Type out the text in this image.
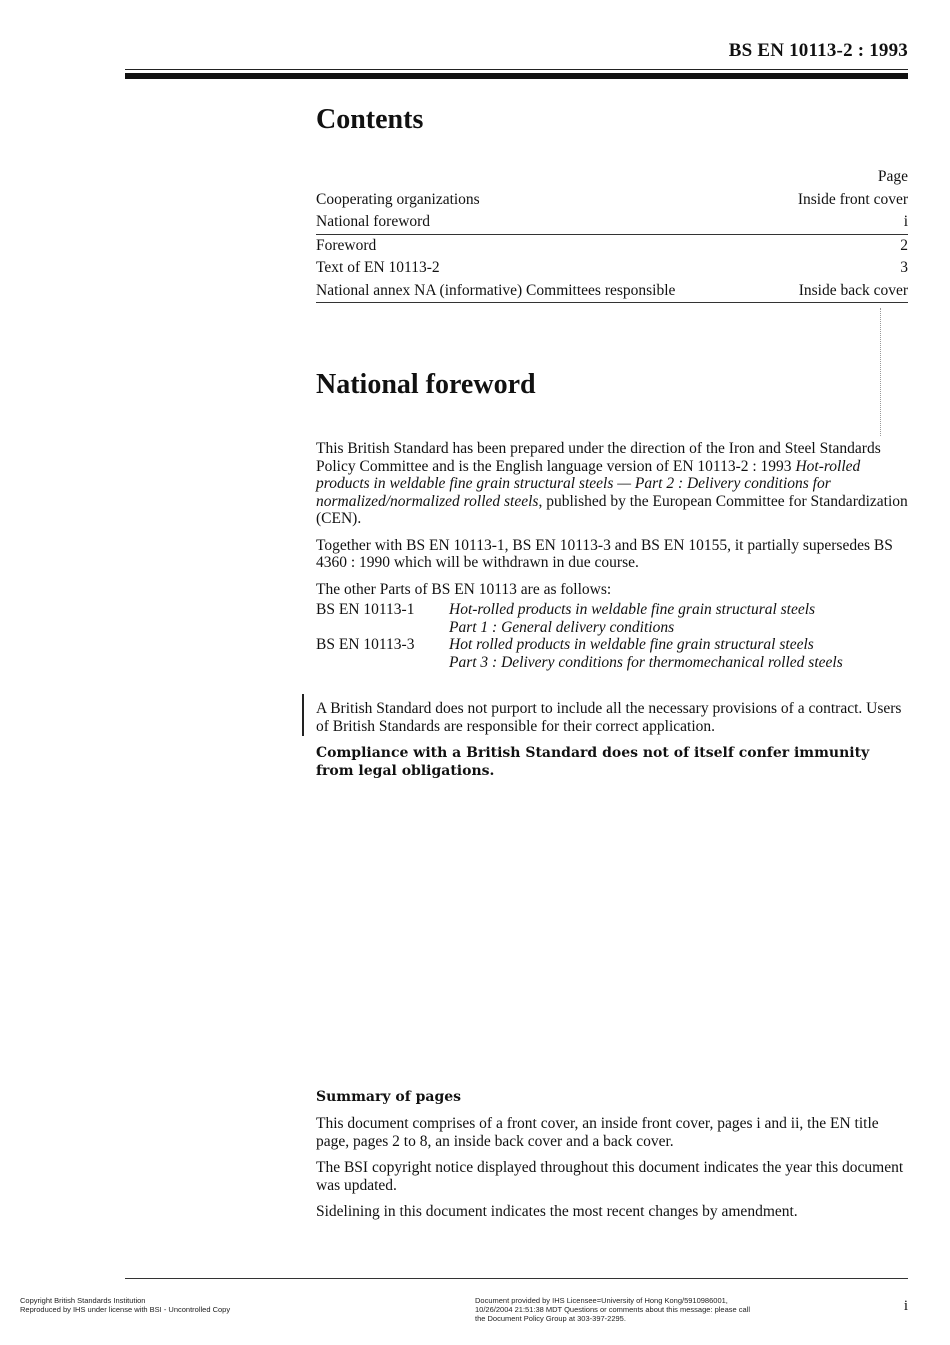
BS EN 10113-2 : 1993
Contents
Page
Cooperating organizations	Inside front cover
National foreword	i
Foreword	2
Text of EN 10113-2	3
National annex NA (informative) Committees responsible	Inside back cover
National foreword

This British Standard has been prepared under the direction of the Iron and Steel Standards Policy Committee and is the English language version of EN 10113-2 : 1993 Hot-rolled products in weldable fine grain structural steels — Part 2 : Delivery conditions for normalized/normalized rolled steels, published by the European Committee for Standardization (CEN).

Together with BS EN 10113-1, BS EN 10113-3 and BS EN 10155, it partially supersedes BS 4360 : 1990 which will be withdrawn in due course.

The other Parts of BS EN 10113 are as follows:

BS EN 10113-1	Hot-rolled products in weldable fine grain structural steels
Part 1 : General delivery conditions
BS EN 10113-3	Hot rolled products in weldable fine grain structural steels
Part 3 : Delivery conditions for thermomechanical rolled steels

A British Standard does not purport to include all the necessary provisions of a contract. Users of British Standards are responsible for their correct application.

Compliance with a British Standard does not of itself confer immunity from legal obligations.

Summary of pages

This document comprises of a front cover, an inside front cover, pages i and ii, the EN title page, pages 2 to 8, an inside back cover and a back cover.

The BSI copyright notice displayed throughout this document indicates the year this document was updated.

Sidelining in this document indicates the most recent changes by amendment.

Copyright British Standards Institution
Reproduced by IHS under license with BSI - Uncontrolled Copy
Document provided by IHS Licensee=University of Hong Kong/5910986001,
10/26/2004 21:51:38 MDT Questions or comments about this message: please call
the Document Policy Group at 303-397-2295.
i
